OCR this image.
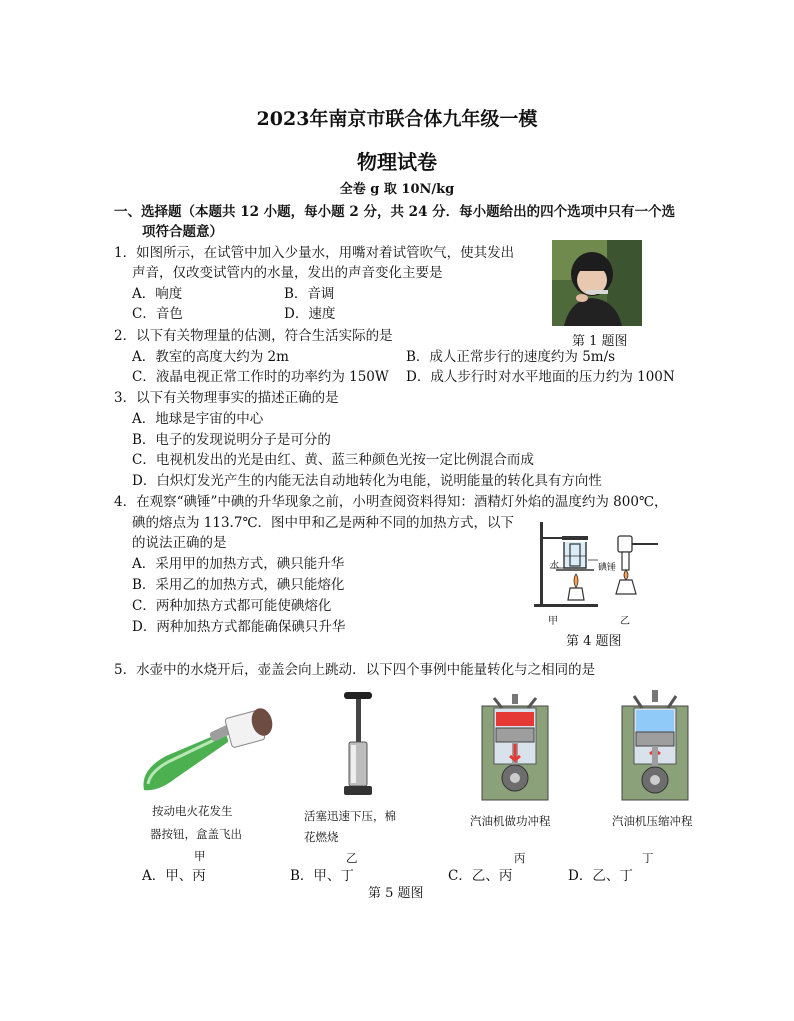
2023年南京市联合体九年级一模
物理试卷
全卷 g 取 10N/kg
一、选择题（本题共 12 小题，每小题 2 分，共 24 分．每小题给出的四个选项中只有一个选
项符合题意）
1．如图所示，在试管中加入少量水，用嘴对着试管吹气，使其发出
声音，仅改变试管内的水量，发出的声音变化主要是
A．响度	B．音调
C．音色	D．速度
第 1 题图
2．以下有关物理量的估测，符合生活实际的是
A．教室的高度大约为 2m	B．成人正常步行的速度约为 5m/s
C．液晶电视正常工作时的功率约为 150W D．成人步行时对水平地面的压力约为 100N
3．以下有关物理事实的描述正确的是
A．地球是宇宙的中心
B．电子的发现说明分子是可分的
C．电视机发出的光是由红、黄、蓝三种颜色光按一定比例混合而成
D．白炽灯发光产生的内能无法自动地转化为电能，说明能量的转化具有方向性
4．在观察“碘锤”中碘的升华现象之前，小明查阅资料得知：酒精灯外焰的温度约为 800℃，
碘的熔点为 113.7℃．图中甲和乙是两种不同的加热方式，以下
的说法正确的是
A．采用甲的加热方式，碘只能升华
B．采用乙的加热方式，碘只能熔化
C．两种加热方式都可能使碘熔化
D．两种加热方式都能确保碘只升华
水	碘锤
甲	乙
第 4 题图
5．水壶中的水烧开后，壶盖会向上跳动．以下四个事例中能量转化与之相同的是
按动电火花发生
器按钮，盒盖飞出
甲
活塞迅速下压，棉
花燃烧
乙
汽油机做功冲程
丙
汽油机压缩冲程
丁
A．甲、丙	B．甲、丁	C．乙、丙	D．乙、丁
第 5 题图
